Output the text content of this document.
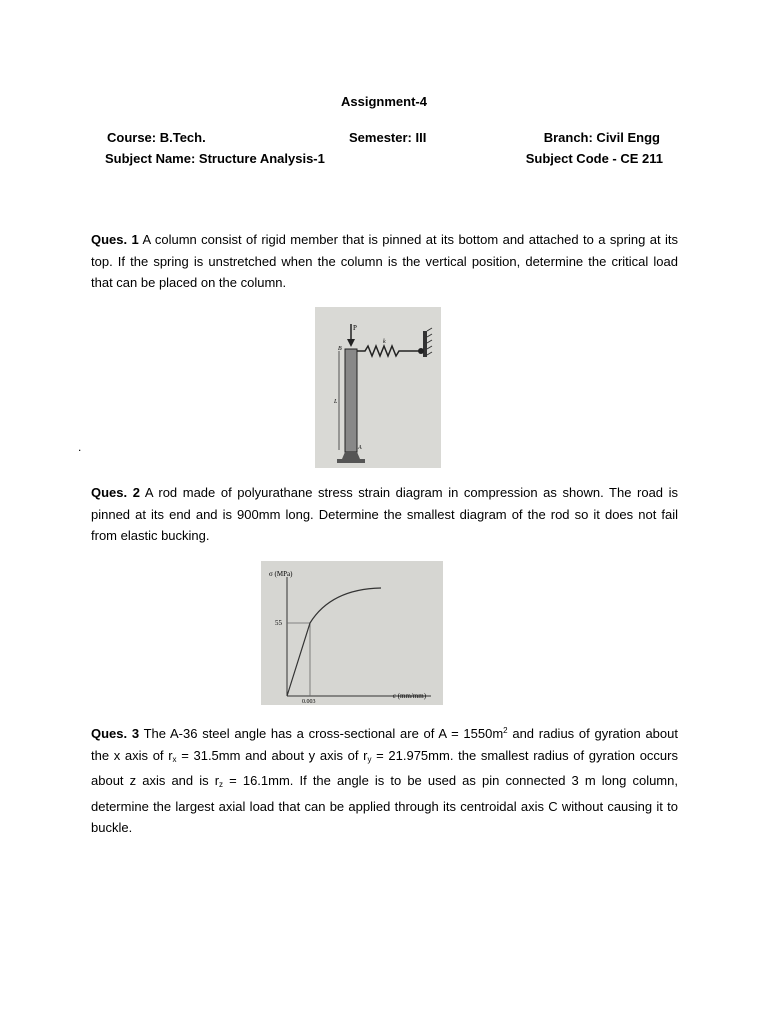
Assignment-4
Course: B.Tech.	Semester: III	Branch: Civil Engg
Subject Name: Structure Analysis-1	Subject Code - CE 211
Ques. 1 A column consist of rigid member that is pinned at its bottom and attached to a spring at its top. If the spring is unstretched when the column is the vertical position, determine the critical load that can be placed on the column.
P
k
B
L
A
.
Ques. 2 A rod made of polyurathane stress strain diagram in compression as shown. The road is pinned at its end and is 900mm long. Determine the smallest diagram of the rod so it does not fail from elastic bucking.
σ (MPa)
55
0.003
ε (mm/mm)
Ques. 3 The A-36 steel angle has a cross-sectional are of $A = 1550m^2$ and radius of gyration about the x axis of $r_x = 31.5mm$ and about y axis of $r_y = 21.975mm$. the smallest radius of gyration occurs about z axis and is $r_z = 16.1mm$. If the angle is to be used as pin connected 3 m long column, determine the largest axial load that can be applied through its centroidal axis C without causing it to buckle.
